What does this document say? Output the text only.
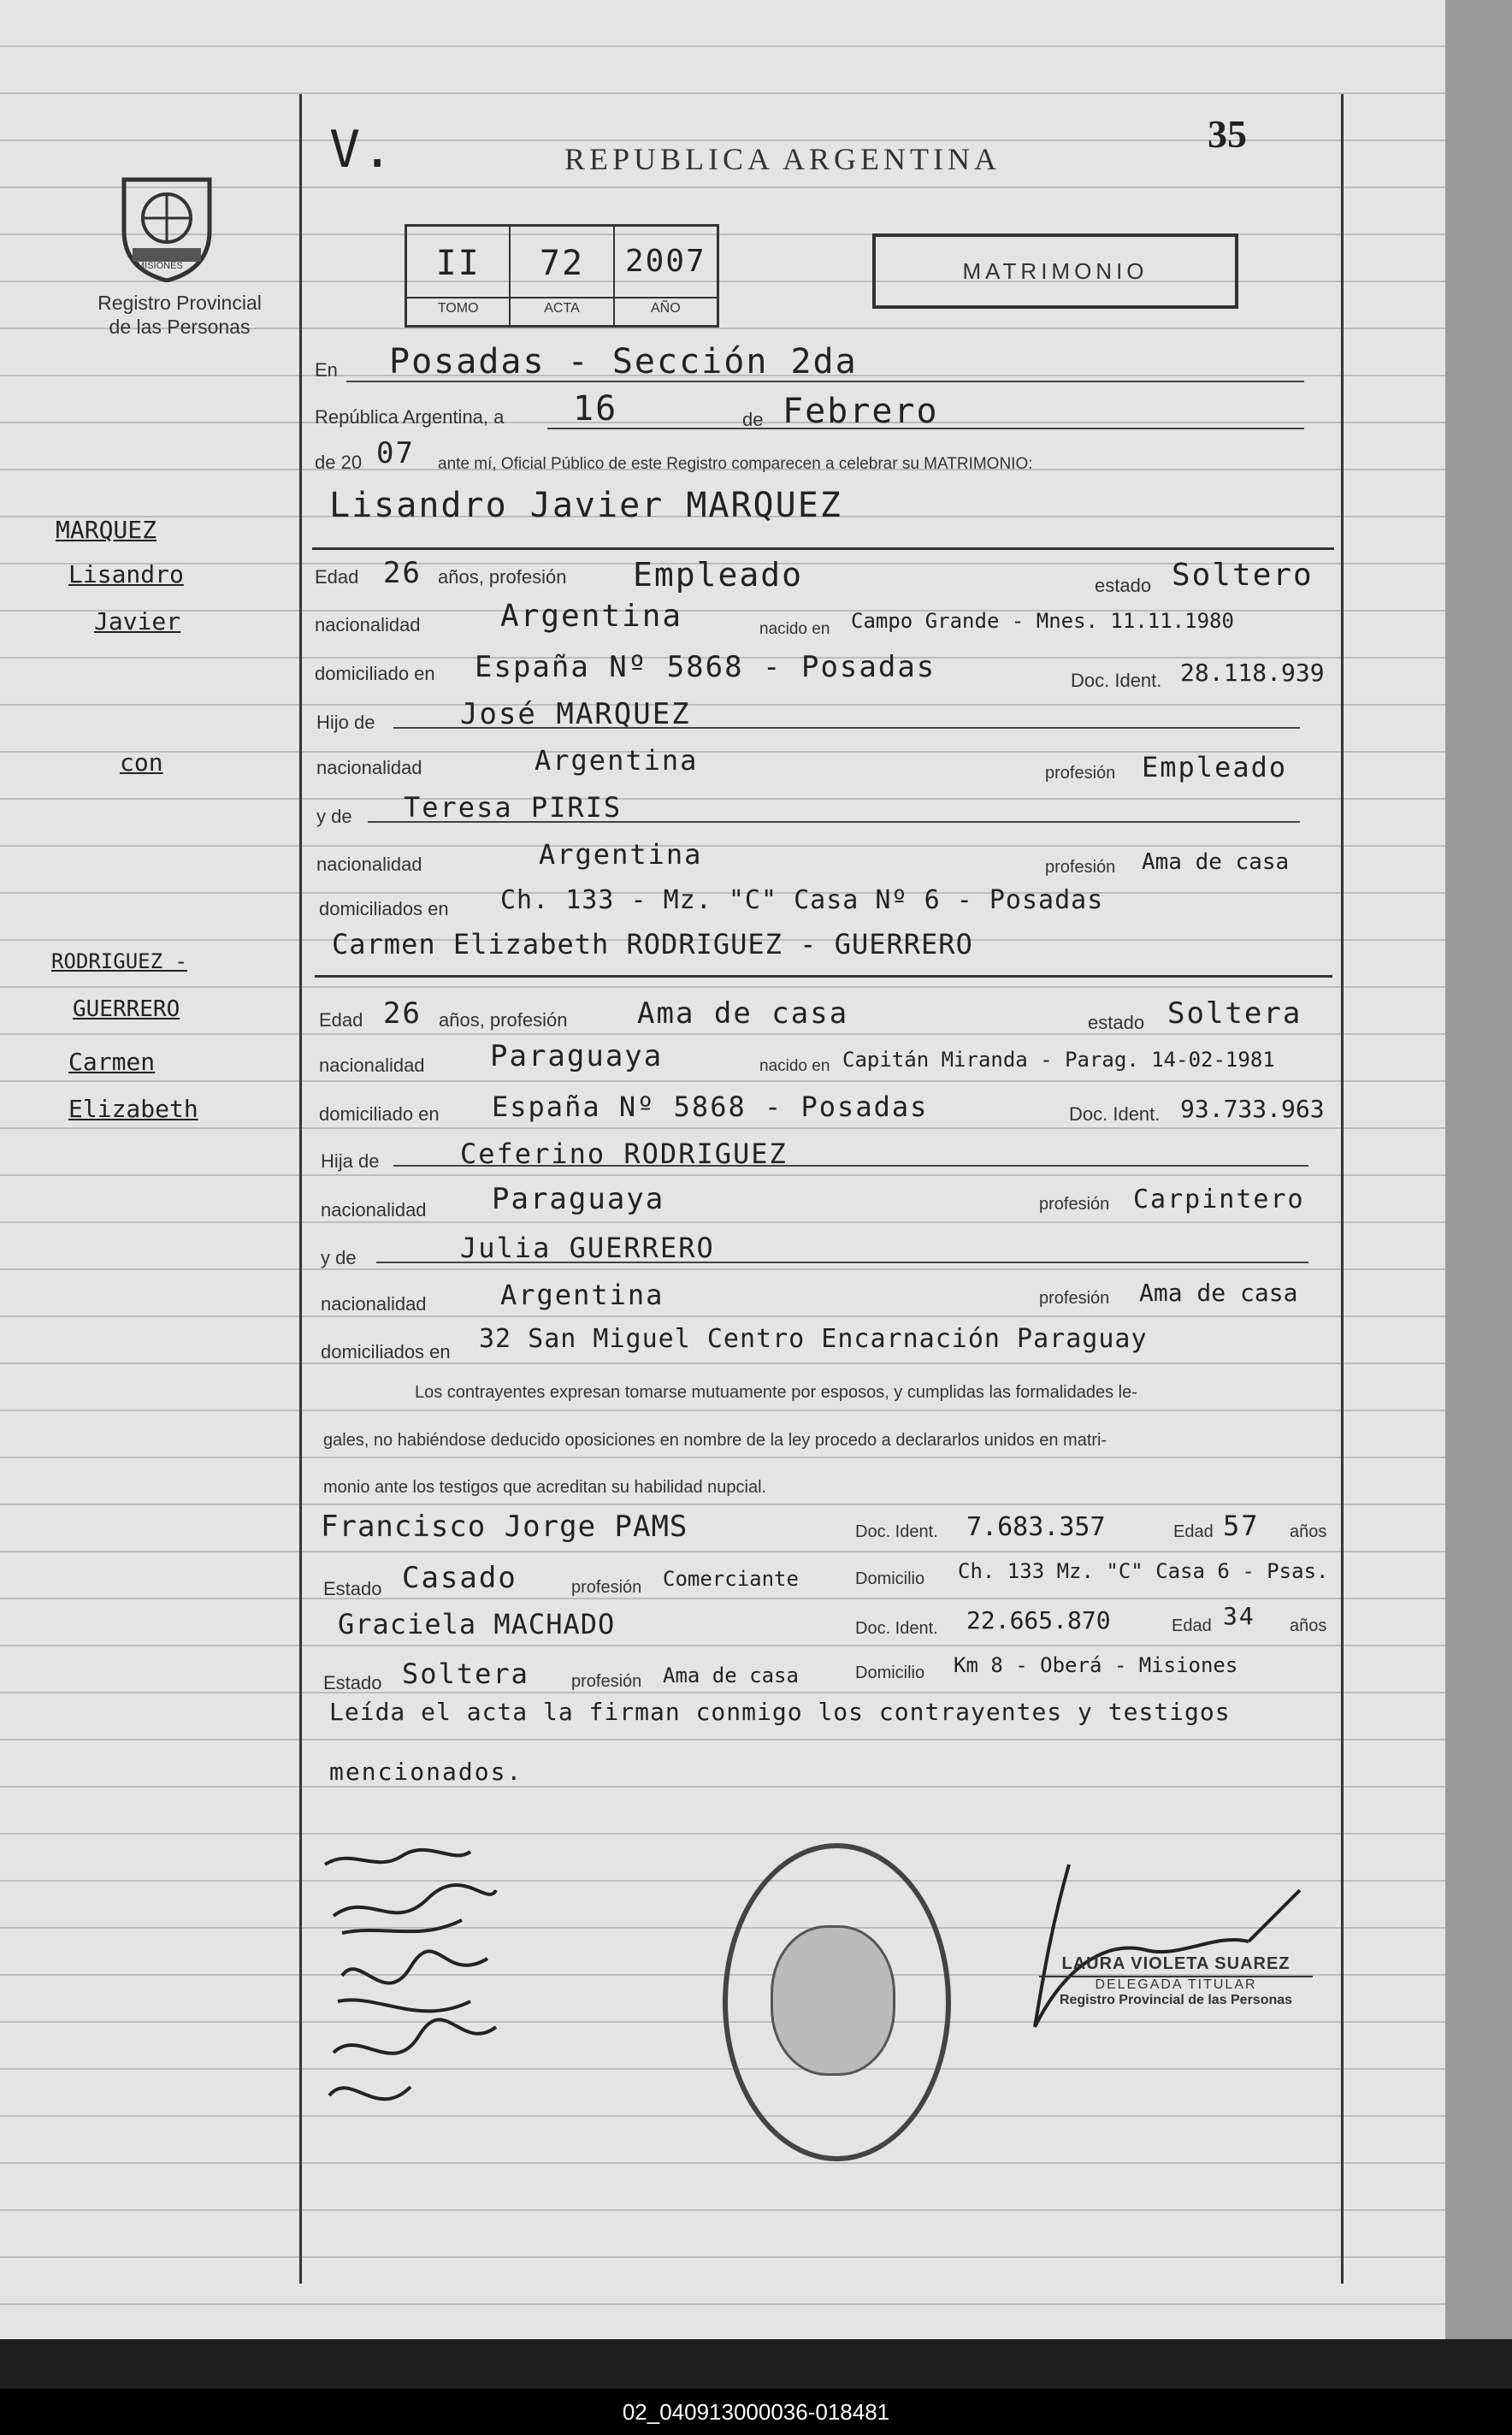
MISIONES
Registro Provincial de las Personas
V.	REPUBLICA ARGENTINA
35
II
TOMO
72
ACTA
2007
AÑO
MATRIMONIO
En Posadas - Sección 2da
República Argentina, a 16	de Febrero
de 20 07 ante mí, Oficial Público de este Registro comparecen a celebrar su MATRIMONIO:
Lisandro Javier MARQUEZ
Edad 26 años, profesión Empleado	estado Soltero
nacionalidad	Argentina	nacido en Campo Grande - Mnes. 11.11.1980
domiciliado en España Nº 5868 - Posadas	Doc. Ident. 28.118.939
Hijo de	José MARQUEZ
nacionalidad	Argentina	profesión Empleado
y de Teresa PIRIS
nacionalidad	Argentina	profesión Ama de casa
domiciliados en Ch. 133 - Mz. "C" Casa Nº 6 - Posadas
Carmen Elizabeth RODRIGUEZ - GUERRERO
Edad 26 años, profesión Ama de casa	estado Soltera
nacionalidad Paraguaya	nacido en Capitán Miranda - Parag. 14-02-1981
domiciliado en España Nº 5868 - Posadas	Doc. Ident. 93.733.963
Hija de	Ceferino RODRIGUEZ
nacionalidad Paraguaya	profesión Carpintero
y de	Julia GUERRERO
nacionalidad	Argentina	profesión Ama de casa
domiciliados en 32 San Miguel Centro Encarnación Paraguay
Los contrayentes expresan tomarse mutuamente por esposos, y cumplidas las formalidades le-
gales, no habiéndose deducido oposiciones en nombre de la ley procedo a declararlos unidos en matri-
monio ante los testigos que acreditan su habilidad nupcial.
Francisco Jorge PAMS	Doc. Ident. 7.683.357	Edad 57 años
Estado Casado	profesión Comerciante	Domicilio Ch. 133 Mz. "C" Casa 6 - Psas.
Graciela MACHADO	Doc. Ident. 22.665.870	Edad 34 años
Estado Soltera profesión Ama de casa	Domicilio Km 8 - Oberá - Misiones
Leída el acta la firman conmigo los contrayentes y testigos
mencionados.
MARQUEZ
Lisandro
Javier
con
RODRIGUEZ -
GUERRERO
Carmen
Elizabeth
LAURA VIOLETA SUAREZ
DELEGADA TITULAR
Registro Provincial de las Personas
02_040913000036-018481
